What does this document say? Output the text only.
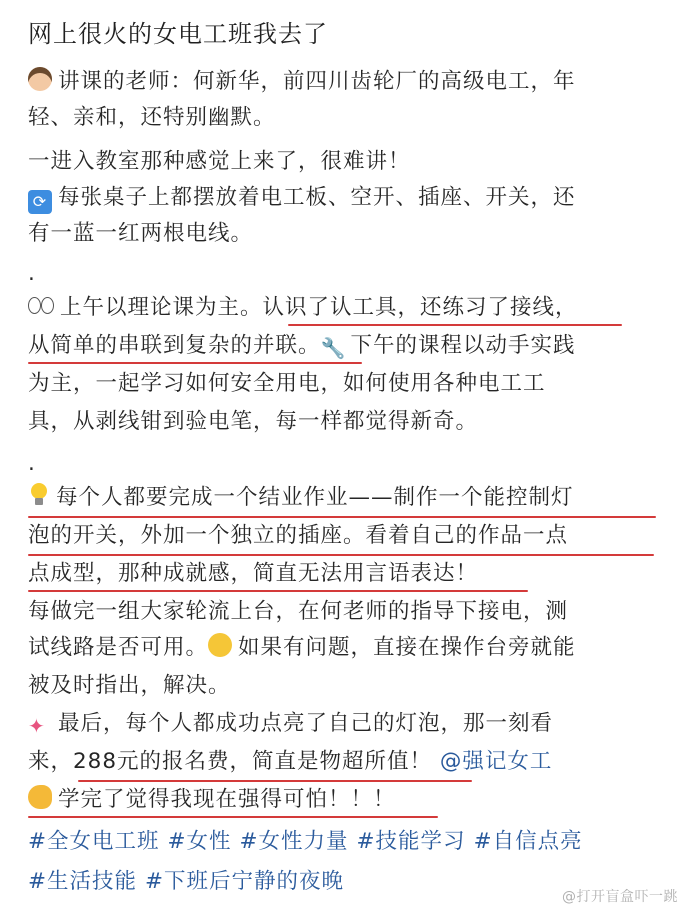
网上很火的女电工班我去了
讲课的老师：何新华，前四川齿轮厂的高级电工，年
轻、亲和，还特别幽默。
一进入教室那种感觉上来了，很难讲！
⟳ 每张桌子上都摆放着电工板、空开、插座、开关，还
有一蓝一红两根电线。
.
上午以理论课为主。认识了认工具，还练习了接线，
从简单的串联到复杂的并联。🔧 下午的课程以动手实践
为主，一起学习如何安全用电，如何使用各种电工工
具，从剥线钳到验电笔，每一样都觉得新奇。
.
每个人都要完成一个结业作业——制作一个能控制灯
泡的开关，外加一个独立的插座。看着自己的作品一点
点成型，那种成就感，简直无法用言语表达！
每做完一组大家轮流上台，在何老师的指导下接电，测
试线路是否可用。 如果有问题，直接在操作台旁就能
被及时指出，解决。
✦ 最后，每个人都成功点亮了自己的灯泡，那一刻看
来，288元的报名费，简直是物超所值！ @强记女工
学完了觉得我现在强得可怕！！！
#全女电工班 #女性 #女性力量 #技能学习 #自信点亮
#生活技能 #下班后宁静的夜晚
@打开盲盒吓一跳
